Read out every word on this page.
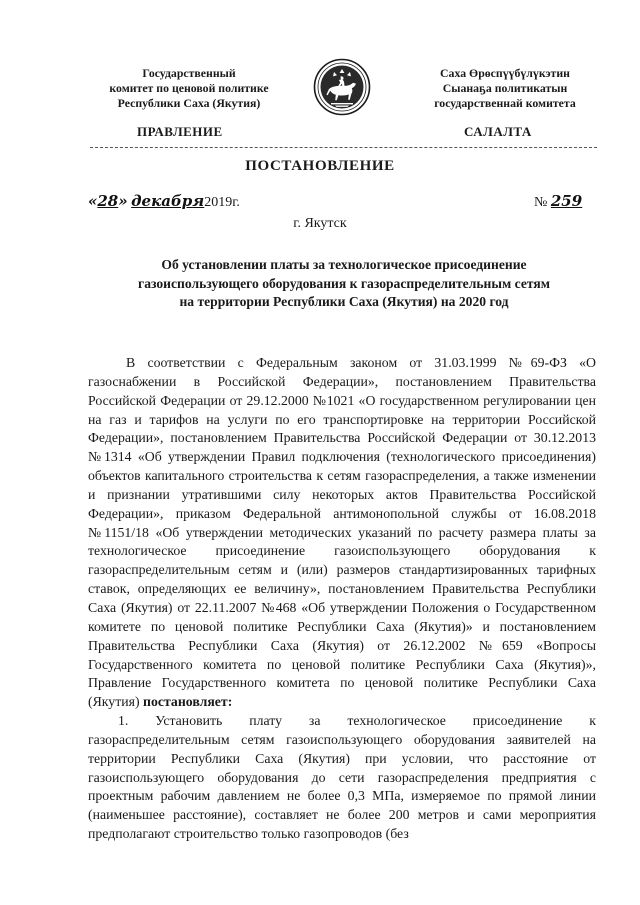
Государственный
комитет по ценовой политике
Республики Саха (Якутия)
Саха Өрөспүүбүлүкэтин
Сыанаҕа политикатын
государственнай комитета
ПРАВЛЕНИЕ	САЛАЛТА
ПОСТАНОВЛЕНИЕ
«28» декабря2019г.	№ 259
г. Якутск
Об установлении платы за технологическое присоединение
газоиспользующего оборудования к газораспределительным сетям
на территории Республики Саха (Якутия) на 2020 год

В соответствии с Федеральным законом от 31.03.1999 №69-ФЗ «О газоснабжении в Российской Федерации», постановлением Правительства Российской Федерации от 29.12.2000 №1021 «О государственном регулировании цен на газ и тарифов на услуги по его транспортировке на территории Российской Федерации», постановлением Правительства Российской Федерации от 30.12.2013 №1314 «Об утверждении Правил подключения (технологического присоединения) объектов капитального строительства к сетям газораспределения, а также изменении и признании утратившими силу некоторых актов Правительства Российской Федерации», приказом Федеральной антимонопольной службы от 16.08.2018 №1151/18 «Об утверждении методических указаний по расчету размера платы за технологическое присоединение газоиспользующего оборудования к газораспределительным сетям и (или) размеров стандартизированных тарифных ставок, определяющих ее величину», постановлением Правительства Республики Саха (Якутия) от 22.11.2007 №468 «Об утверждении Положения о Государственном комитете по ценовой политике Республики Саха (Якутия)» и постановлением Правительства Республики Саха (Якутия) от 26.12.2002 №659 «Вопросы Государственного комитета по ценовой политике Республики Саха (Якутия)», Правление Государственного комитета по ценовой политике Республики Саха (Якутия) постановляет:

1. Установить плату за технологическое присоединение к газораспределительным сетям газоиспользующего оборудования заявителей на территории Республики Саха (Якутия) при условии, что расстояние от газоиспользующего оборудования до сети газораспределения предприятия с проектным рабочим давлением не более 0,3 МПа, измеряемое по прямой линии (наименьшее расстояние), составляет не более 200 метров и сами мероприятия предполагают строительство только газопроводов (без
